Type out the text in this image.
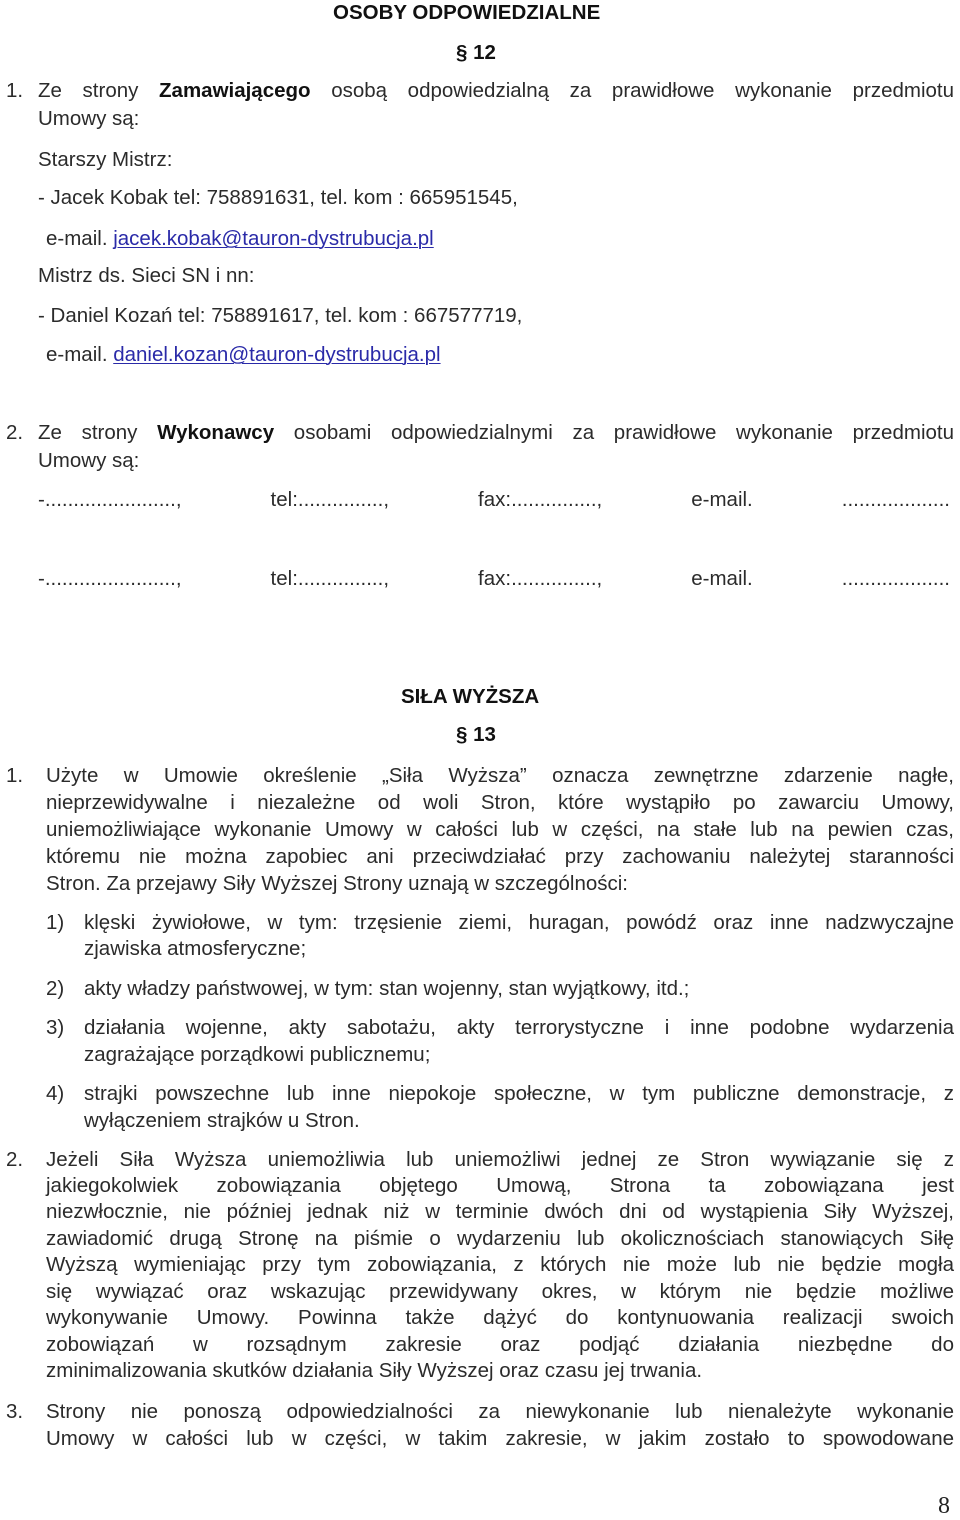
OSOBY ODPOWIEDZIALNE
§ 12
1. Ze strony Zamawiającego osobą odpowiedzialną za prawidłowe wykonanie przedmiotu
Umowy są:
Starszy Mistrz:
- Jacek Kobak tel: 758891631, tel. kom : 665951545,
e-mail. jacek.kobak@tauron-dystrubucja.pl
Mistrz ds. Sieci SN i nn:
- Daniel Kozań tel: 758891617, tel. kom : 667577719,
e-mail. daniel.kozan@tauron-dystrubucja.pl
2. Ze strony Wykonawcy osobami odpowiedzialnymi za prawidłowe wykonanie przedmiotu
Umowy są:
-......................., tel:..............., fax:..............., e-mail. ...................
-......................., tel:..............., fax:..............., e-mail. ...................
SIŁA WYŻSZA
§ 13
1. Użyte w Umowie określenie „Siła Wyższa” oznacza zewnętrzne zdarzenie nagłe,
nieprzewidywalne i niezależne od woli Stron, które wystąpiło po zawarciu Umowy,
uniemożliwiające wykonanie Umowy w całości lub w części, na stałe lub na pewien czas,
któremu nie można zapobiec ani przeciwdziałać przy zachowaniu należytej staranności
Stron. Za przejawy Siły Wyższej Strony uznają w szczególności:
1) klęski żywiołowe, w tym: trzęsienie ziemi, huragan, powódź oraz inne nadzwyczajne
zjawiska atmosferyczne;
2) akty władzy państwowej, w tym: stan wojenny, stan wyjątkowy, itd.;
3) działania wojenne, akty sabotażu, akty terrorystyczne i inne podobne wydarzenia
zagrażające porządkowi publicznemu;
4) strajki powszechne lub inne niepokoje społeczne, w tym publiczne demonstracje, z
wyłączeniem strajków u Stron.
2. Jeżeli Siła Wyższa uniemożliwia lub uniemożliwi jednej ze Stron wywiązanie się z
jakiegokolwiek zobowiązania objętego Umową, Strona ta zobowiązana jest
niezwłocznie, nie później jednak niż w terminie dwóch dni od wystąpienia Siły Wyższej,
zawiadomić drugą Stronę na piśmie o wydarzeniu lub okolicznościach stanowiących Siłę
Wyższą wymieniając przy tym zobowiązania, z których nie może lub nie będzie mogła
się wywiązać oraz wskazując przewidywany okres, w którym nie będzie możliwe
wykonywanie Umowy. Powinna także dążyć do kontynuowania realizacji swoich
zobowiązań w rozsądnym zakresie oraz podjąć działania niezbędne do
zminimalizowania skutków działania Siły Wyższej oraz czasu jej trwania.
3. Strony nie ponoszą odpowiedzialności za niewykonanie lub nienależyte wykonanie
Umowy w całości lub w części, w takim zakresie, w jakim zostało to spowodowane
8
